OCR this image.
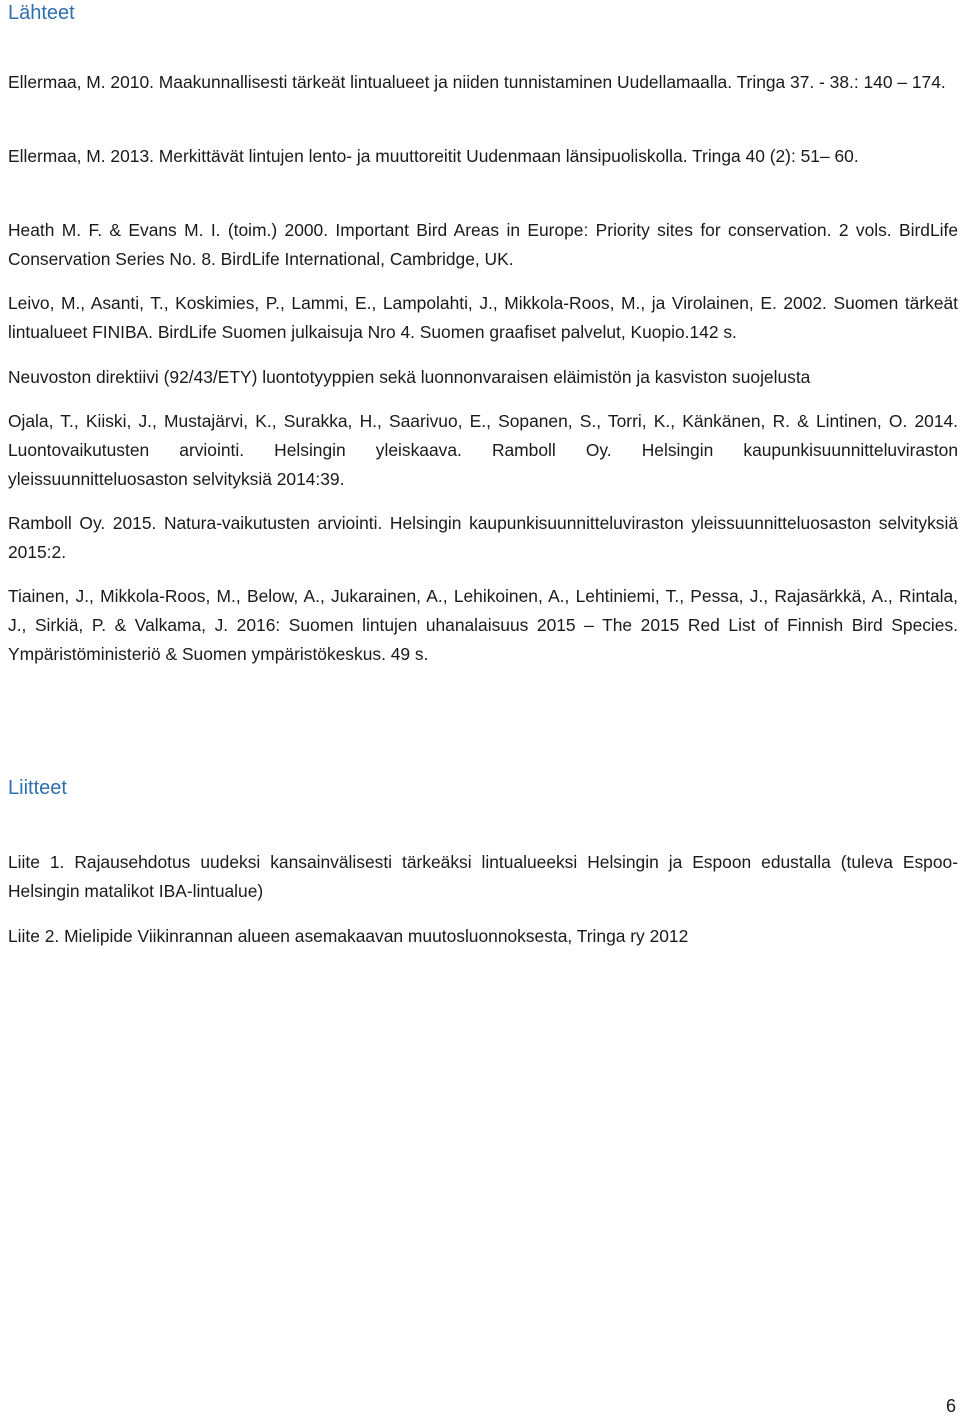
Lähteet

Ellermaa, M. 2010. Maakunnallisesti tärkeät lintualueet ja niiden tunnistaminen Uudellamaalla. Tringa 37. - 38.: 140 – 174.

Ellermaa, M. 2013. Merkittävät lintujen lento- ja muuttoreitit Uudenmaan länsipuoliskolla. Tringa 40 (2): 51– 60.

Heath M. F. & Evans M. I. (toim.) 2000. Important Bird Areas in Europe: Priority sites for conservation. 2 vols. BirdLife Conservation Series No. 8. BirdLife International, Cambridge, UK.

Leivo, M., Asanti, T., Koskimies, P., Lammi, E., Lampolahti, J., Mikkola-Roos, M., ja Virolainen, E. 2002. Suomen tärkeät lintualueet FINIBA. BirdLife Suomen julkaisuja Nro 4. Suomen graafiset palvelut, Kuopio.142 s.

Neuvoston direktiivi (92/43/ETY) luontotyyppien sekä luonnonvaraisen eläimistön ja kasviston suojelusta

Ojala, T., Kiiski, J., Mustajärvi, K., Surakka, H., Saarivuo, E., Sopanen, S., Torri, K., Känkänen, R. & Lintinen, O. 2014. Luontovaikutusten arviointi. Helsingin yleiskaava. Ramboll Oy. Helsingin kaupunkisuunnitteluviraston yleissuunnitteluosaston selvityksiä 2014:39.

Ramboll Oy. 2015. Natura-vaikutusten arviointi. Helsingin kaupunkisuunnitteluviraston yleissuunnitteluosaston selvityksiä 2015:2.

Tiainen, J., Mikkola-Roos, M., Below, A., Jukarainen, A., Lehikoinen, A., Lehtiniemi, T., Pessa, J., Rajasärkkä, A., Rintala, J., Sirkiä, P. & Valkama, J. 2016: Suomen lintujen uhanalaisuus 2015 – The 2015 Red List of Finnish Bird Species. Ympäristöministeriö & Suomen ympäristökeskus. 49 s.

Liitteet

Liite 1. Rajausehdotus uudeksi kansainvälisesti tärkeäksi lintualueeksi Helsingin ja Espoon edustalla (tuleva Espoo-Helsingin matalikot IBA-lintualue)

Liite 2. Mielipide Viikinrannan alueen asemakaavan muutosluonnoksesta, Tringa ry 2012

6
